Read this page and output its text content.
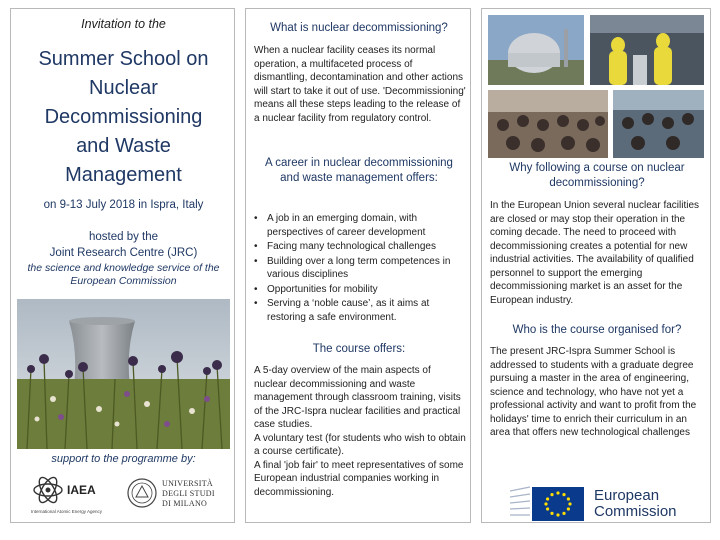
Invitation to the
Summer School on
Nuclear
Decommissioning
and Waste
Management
on 9-13 July 2018 in Ispra, Italy
hosted by the
Joint Research Centre (JRC)
the science and knowledge service of the European Commission
support to the programme by:
IAEA
International Atomic Energy Agency
UNIVERSITÀ
DEGLI STUDI
DI MILANO
What is nuclear decommissioning?
When a nuclear facility ceases its normal operation, a multifaceted process of dismantling, decontamination and other actions will start to take it out of use. 'Decommissioning' means all these steps leading to the release of a nuclear facility from regulatory control.
A career in nuclear decommissioning and waste management offers:
• A job in an emerging domain, with perspectives of career development
• Facing many technological challenges
• Building over a long term competences in various disciplines
• Opportunities for mobility
• Serving a ‘noble cause’, as it aims at restoring a safe environment.
The course offers:
A 5-day overview of the main aspects of nuclear decommissioning and waste management through classroom training, visits of the JRC-Ispra nuclear facilities and practical case studies.
A voluntary test (for students who wish to obtain a course certificate).
A final 'job fair' to meet representatives of some European industrial companies working in decommissioning.
Why following a course on nuclear decommissioning?
In the European Union several nuclear facilities are closed or may stop their operation in the coming decade. The need to proceed with decommissioning creates a potential for new industrial activities. The availability of qualified personnel to support the emerging decommissioning market is an asset for the European industry.
Who is the course organised for?
The present JRC-Ispra Summer School is addressed to students with a graduate degree pursuing a master in the area of engineering, science and technology, who have not yet a professional activity and want to profit from the holidays' time to enrich their curriculum in an area that offers new technological challenges
European
Commission
